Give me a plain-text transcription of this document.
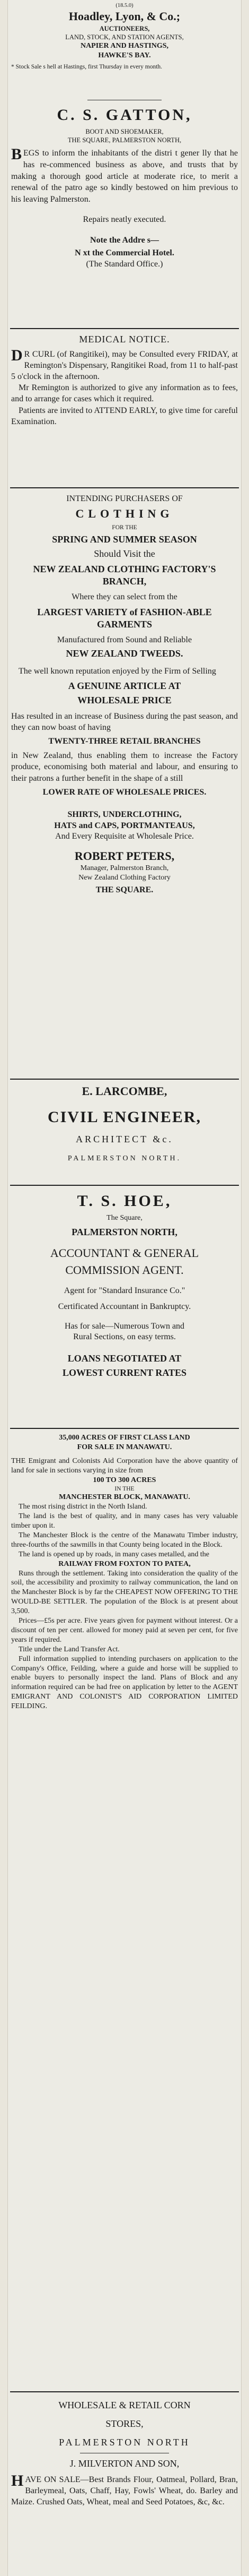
(18.5.0)

Hoadley, Lyon, & Co.;

AUCTIONEERS,

LAND, STOCK, AND STATION AGENTS,

NAPIER AND HASTINGS,

HAWKE'S BAY.

* Stock Sale s hell at Hastings, first Thursday in every month.

C. S. GATTON,

BOOT AND SHOEMAKER,

THE SQUARE, PALMERSTON NORTH,

BEGS to inform the inhabitants of the distri t gener lly that he has re-commenced business as above, and trusts that by making a thorough good article at moderate rice, to merit a renewal of the patro age so kindly bestowed on him previous to his leaving Palmerston.

Repairs neatly executed.

Note the Addre s—

N xt the Commercial Hotel.

(The Standard Office.)

MEDICAL NOTICE.

D R CURL (of Rangitikei), may be Consulted every FRIDAY, at Remington's Dispensary, Rangitikei Road, from 11 to half-past 5 o'clock in the afternoon.

Mr Remington is authorized to give any information as to fees, and to arrange for cases which it required.

Patients are invited to ATTEND EARLY, to give time for careful Examination.

INTENDING PURCHASERS OF

CLOTHING

FOR THE

SPRING AND SUMMER SEASON

Should Visit the

NEW ZEALAND CLOTHING FACTORY'S BRANCH,

Where they can select from the

LARGEST VARIETY of FASHION-ABLE GARMENTS

Manufactured from Sound and Reliable

NEW ZEALAND TWEEDS.

The well known reputation enjoyed by the Firm of Selling

A GENUINE ARTICLE AT

WHOLESALE PRICE

Has resulted in an increase of Business during the past season, and they can now boast of having

TWENTY-THREE RETAIL BRANCHES

in New Zealand, thus enabling them to increase the Factory produce, economising both material and labour, and ensuring to their patrons a further benefit in the shape of a still

LOWER RATE OF WHOLESALE PRICES.

SHIRTS, UNDERCLOTHING,

HATS and CAPS, PORTMANTEAUS,

And Every Requisite at Wholesale Price.

ROBERT PETERS,

Manager, Palmerston Branch,

New Zealand Clothing Factory

THE SQUARE.

E. LARCOMBE,

CIVIL ENGINEER,

ARCHITECT &c.

PALMERSTON NORTH.

T. S. HOE,

The Square,

PALMERSTON NORTH,

ACCOUNTANT & GENERAL

COMMISSION AGENT.

Agent for "Standard Insurance Co."

Certificated Accountant in Bankruptcy.

Has for sale—Numerous Town and

Rural Sections, on easy terms.

LOANS NEGOTIATED AT

LOWEST CURRENT RATES

35,000 ACRES OF FIRST CLASS LAND

FOR SALE IN MANAWATU.

THE Emigrant and Colonists Aid Corporation have the above quantity of land for sale in sections varying in size from

100 TO 300 ACRES

IN THE

MANCHESTER BLOCK, MANAWATU.

The most rising district in the North Island.

The land is the best of quality, and in many cases has very valuable timber upon it.

The Manchester Block is the centre of the Manawatu Timber industry, three-fourths of the sawmills in that County being located in the Block.

The land is opened up by roads, in many cases metalled, and the

RAILWAY FROM FOXTON TO PATEA,

Runs through the settlement. Taking into consideration the quality of the soil, the accessibility and proximity to railway communication, the land on the Manchester Block is by far the CHEAPEST NOW OFFERING TO THE WOULD-BE SETTLER. The population of the Block is at present about 3,500.

Prices—£5s per acre. Five years given for payment without interest. Or a discount of ten per cent. allowed for money paid at seven per cent, for five years if required.

Title under the Land Transfer Act.

Full information supplied to intending purchasers on application to the Company's Office, Feilding, where a guide and horse will be supplied to enable buyers to personally inspect the land. Plans of Block and any information required can be had free on application by letter to the AGENT EMIGRANT AND COLONIST'S AID CORPORATION LIMITED FEILDING.

WHOLESALE & RETAIL CORN

STORES,

PALMERSTON NORTH

J. MILVERTON AND SON,

HAVE ON SALE—Best Brands Flour, Oatmeal, Pollard, Bran, Barleymeal, Oats, Chaff, Hay, Fowls' Wheat, do. Barley and Maize. Crushed Oats, Wheat, meal and Seed Potatoes, &c, &c.
